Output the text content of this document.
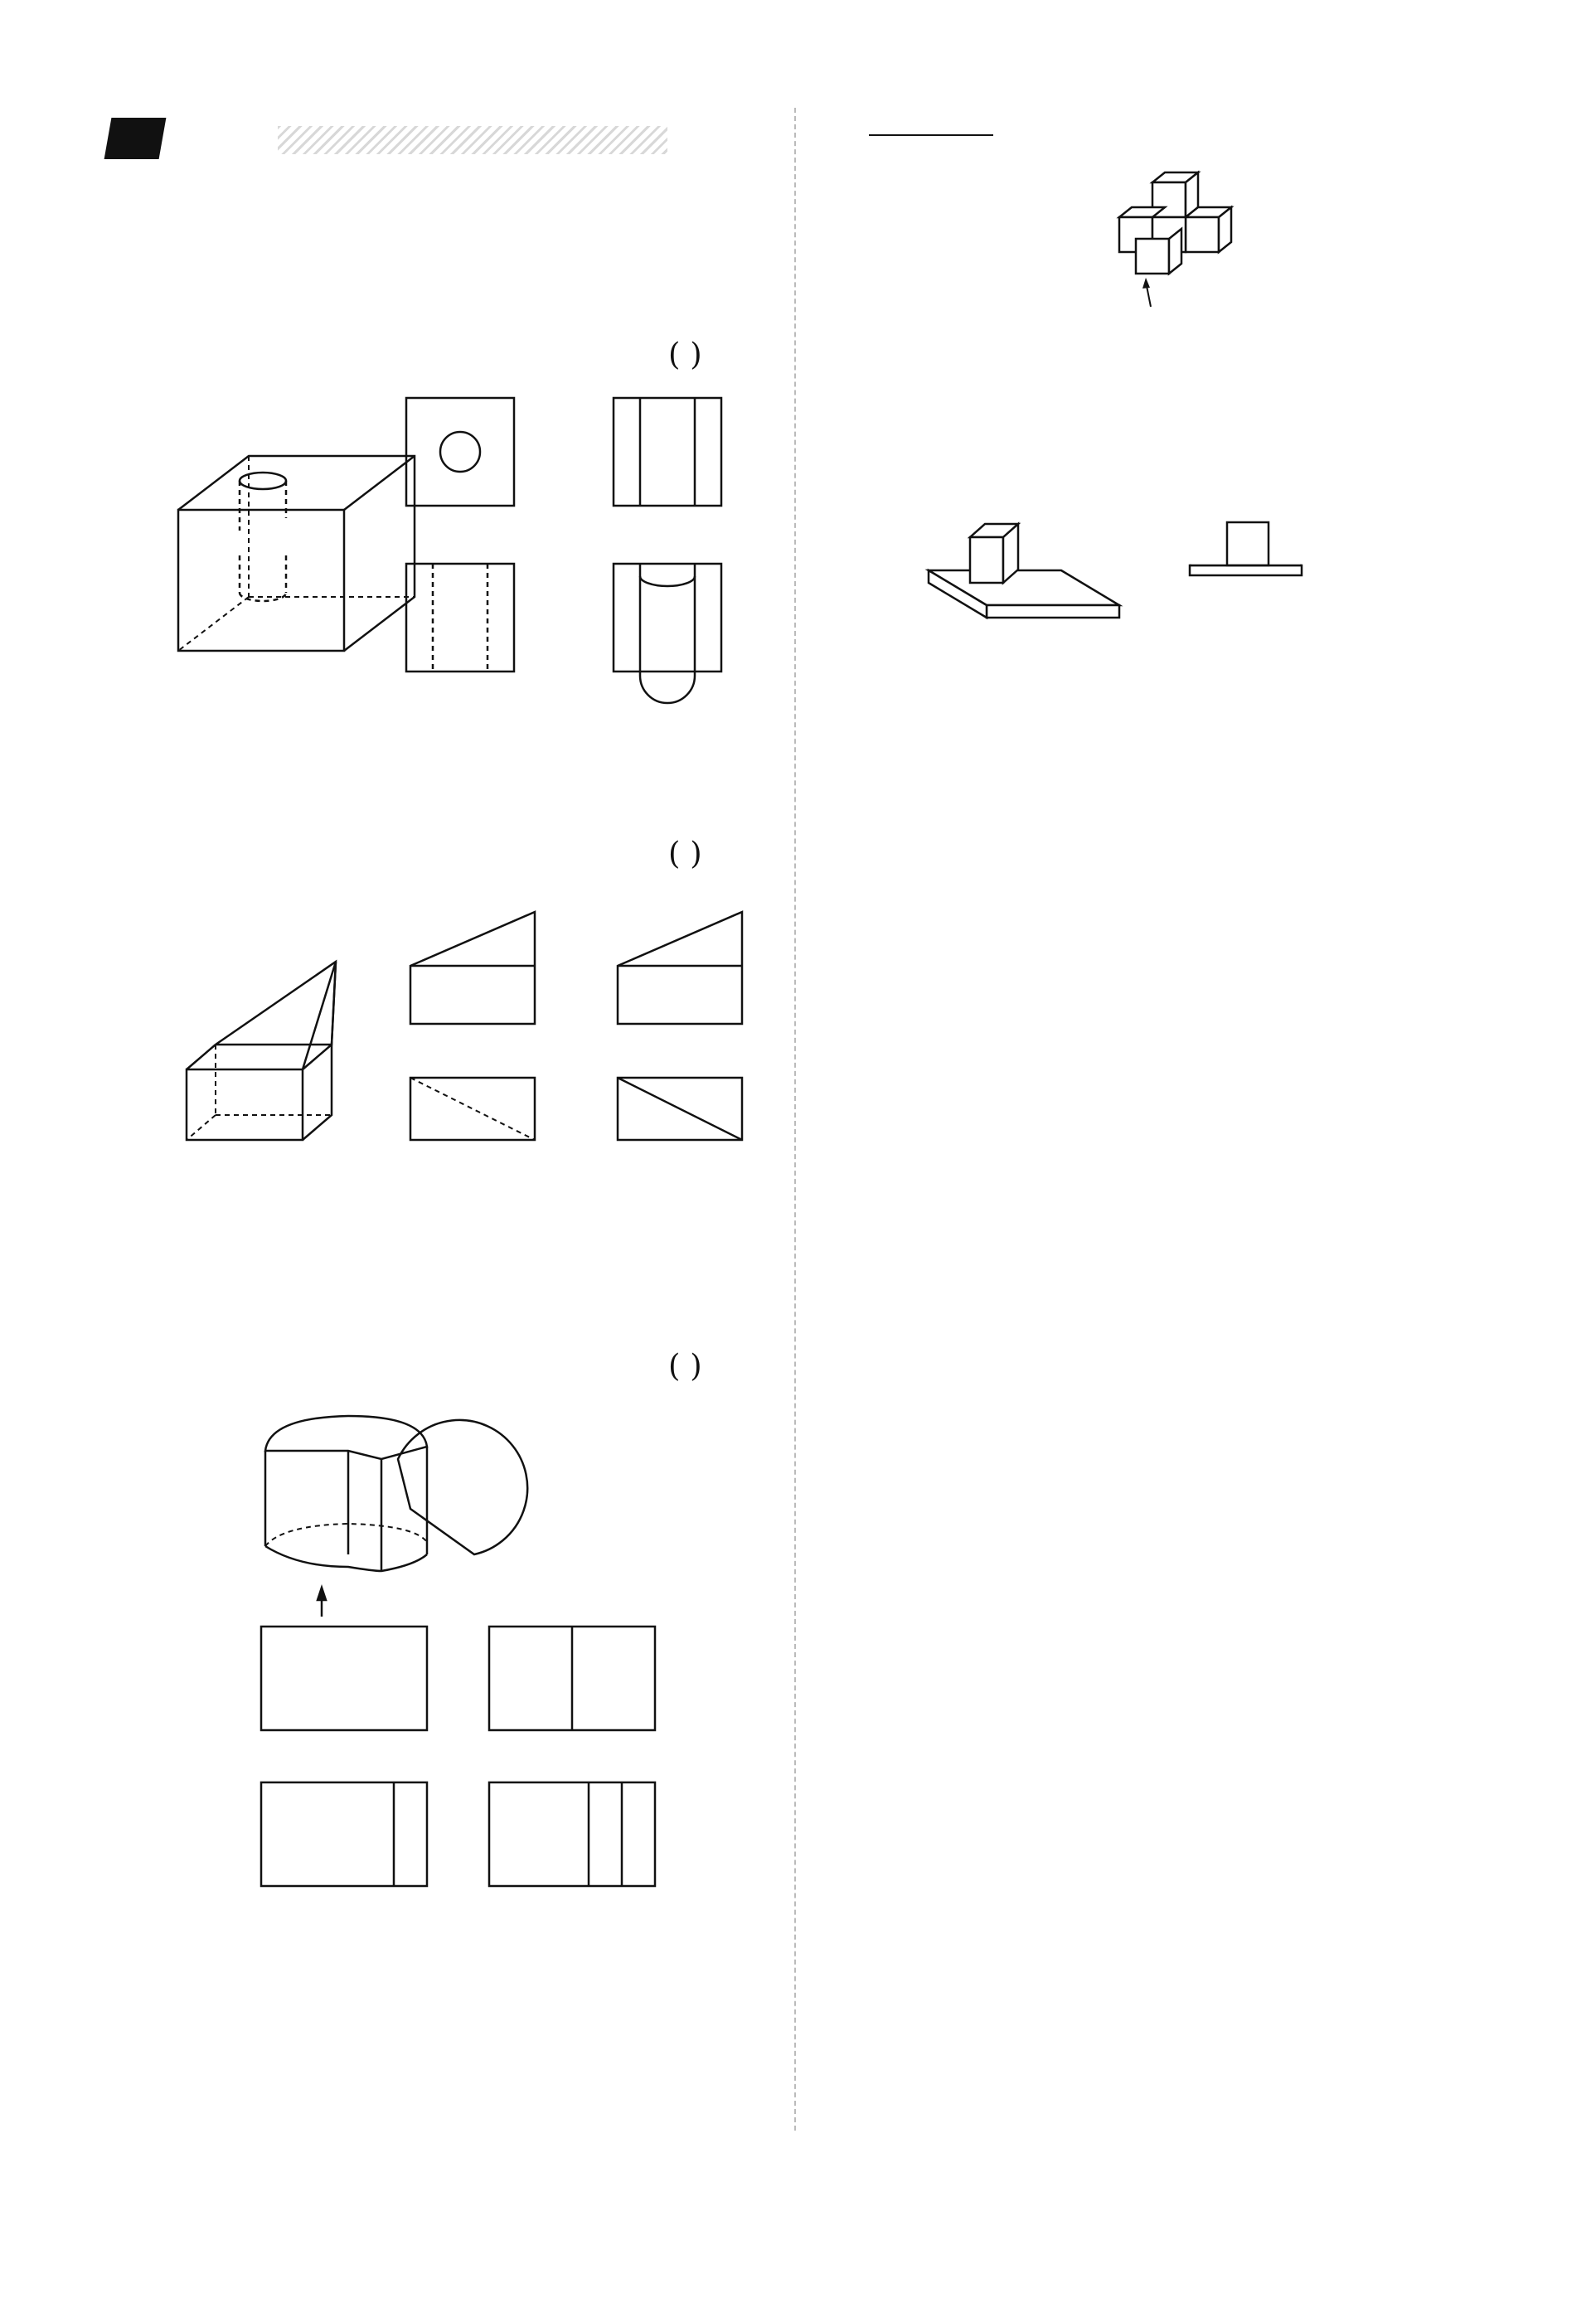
( )
( )
( )
